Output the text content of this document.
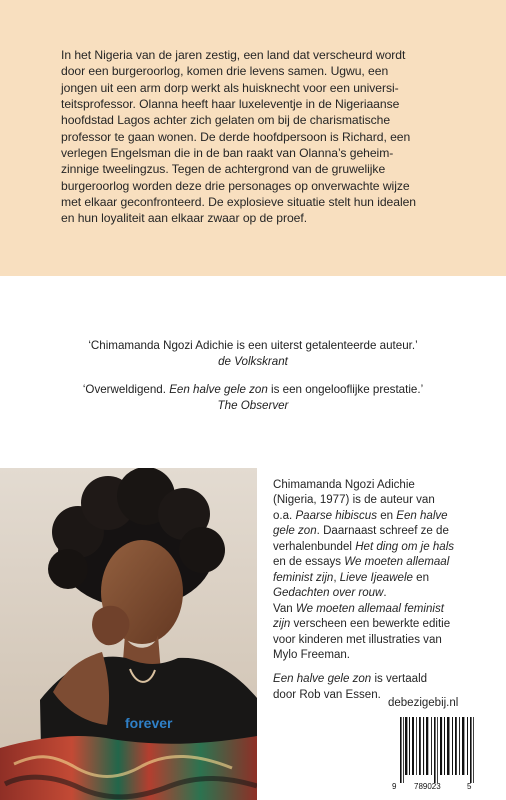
In het Nigeria van de jaren zestig, een land dat verscheurd wordt
door een burgeroorlog, komen drie levens samen. Ugwu, een
jongen uit een arm dorp werkt als huisknecht voor een universi-
teitsprofessor. Olanna heeft haar luxeleventje in de Nigeriaanse
hoofdstad Lagos achter zich gelaten om bij de charismatische
professor te gaan wonen. De derde hoofdpersoon is Richard, een
verlegen Engelsman die in de ban raakt van Olanna’s geheim-
zinnige tweelingzus. Tegen de achtergrond van de gruwelijke
burgeroorlog worden deze drie personages op onverwachte wijze
met elkaar geconfronteerd. De explosieve situatie stelt hun idealen
en hun loyaliteit aan elkaar zwaar op de proef.

‘Chimamanda Ngozi Adichie is een uiterst getalenteerde auteur.’
de Volkskrant
‘Overweldigend. Een halve gele zon is een ongelooflijke prestatie.’
The Observer
forever

Chimamanda Ngozi Adichie
(Nigeria, 1977) is de auteur van
o.a. Paarse hibiscus en Een halve
gele zon. Daarnaast schreef ze de
verhalenbundel Het ding om je hals
en de essays We moeten allemaal
feminist zijn, Lieve Ijeawele en
Gedachten over rouw.

Van We moeten allemaal feminist
zijn verscheen een bewerkte editie
voor kinderen met illustraties van
Mylo Freeman.

Een halve gele zon is vertaald
door Rob van Essen.

debezigebij.nl
9 789023	5
